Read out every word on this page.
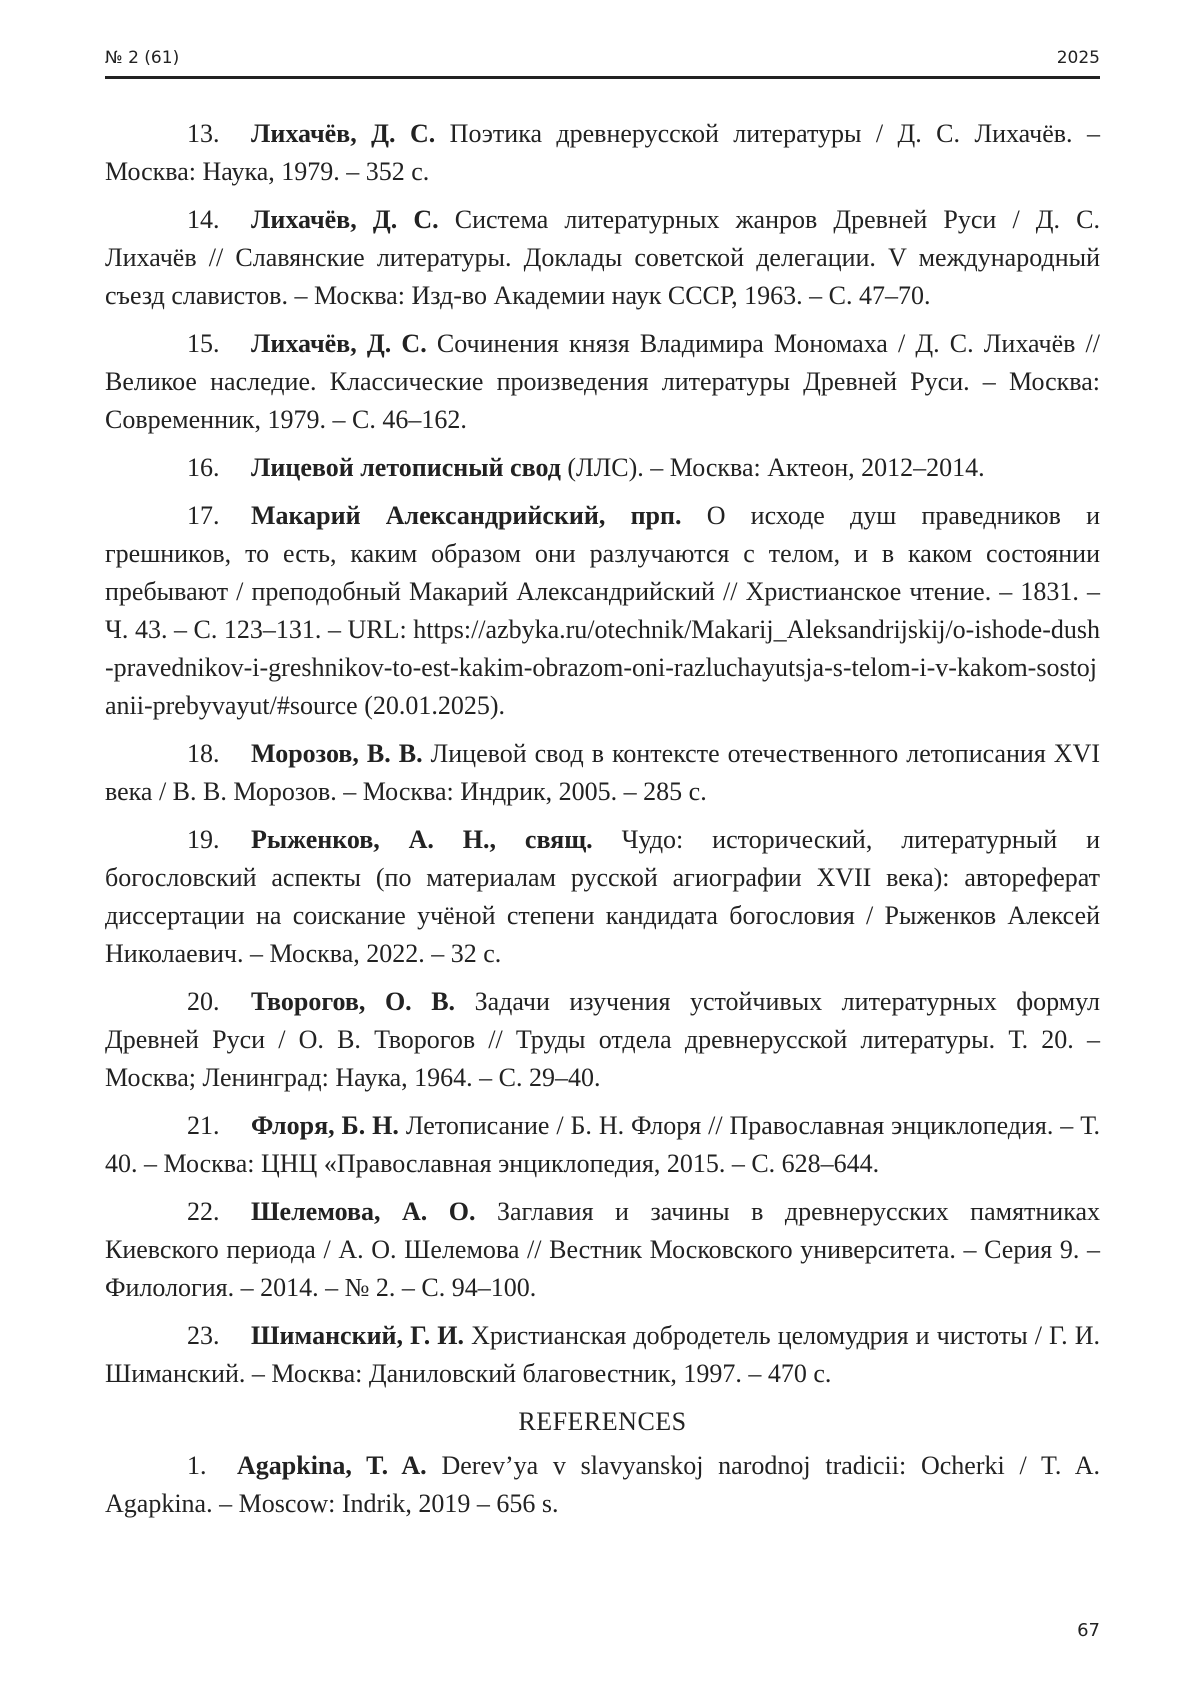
№ 2 (61)	2025

13. Лихачёв, Д. С. Поэтика древнерусской литературы / Д. С. Лихачёв. – Москва: Наука, 1979. – 352 с.

14. Лихачёв, Д. С. Система литературных жанров Древней Руси / Д. С. Лихачёв // Славянские литературы. Доклады советской делегации. V международный съезд славистов. – Москва: Изд-во Академии наук СССР, 1963. – С. 47–70.

15. Лихачёв, Д. С. Сочинения князя Владимира Мономаха / Д. С. Лихачёв // Великое наследие. Классические произведения литературы Древней Руси. – Москва: Современник, 1979. – С. 46–162.

16. Лицевой летописный свод (ЛЛС). – Москва: Актеон, 2012–2014.

17. Макарий Александрийский, прп. О исходе душ праведников и грешников, то есть, каким образом они разлучаются с телом, и в каком состоянии пребывают / преподобный Макарий Александрийский // Христианское чтение. – 1831. – Ч. 43. – С. 123–131. – URL: https://azbyka.ru/otechnik/Makarij_Aleksandrijskij/o-ishode-dush-pravednikov-i-greshnikov-to-est-kakim-obrazom-oni-razluchayutsja-s-telom-i-v-kakom-sostojanii-prebyvayut/#source (20.01.2025).

18. Морозов, В. В. Лицевой свод в контексте отечественного летописания XVI века / В. В. Морозов. – Москва: Индрик, 2005. – 285 с.

19. Рыженков, А. Н., свящ. Чудо: исторический, литературный и богословский аспекты (по материалам русской агиографии XVII века): автореферат диссертации на соискание учёной степени кандидата богословия / Рыженков Алексей Николаевич. – Москва, 2022. – 32 с.

20. Творогов, О. В. Задачи изучения устойчивых литературных формул Древней Руси / О. В. Творогов // Труды отдела древнерусской литературы. Т. 20. – Москва; Ленинград: Наука, 1964. – С. 29–40.

21. Флоря, Б. Н. Летописание / Б. Н. Флоря // Православная энциклопедия. – Т. 40. – Москва: ЦНЦ «Православная энциклопедия, 2015. – С. 628–644.

22. Шелемова, А. О. Заглавия и зачины в древнерусских памятниках Киевского периода / А. О. Шелемова // Вестник Московского университета. – Серия 9. – Филология. – 2014. – № 2. – С. 94–100.

23. Шиманский, Г. И. Христианская добродетель целомудрия и чистоты / Г. И. Шиманский. – Москва: Даниловский благовестник, 1997. – 470 с.

REFERENCES

1. Agapkina, T. A. Derev’ya v slavyanskoj narodnoj tradicii: Ocherki / T. A. Agapkina. – Moscow: Indrik, 2019 – 656 s.

67
